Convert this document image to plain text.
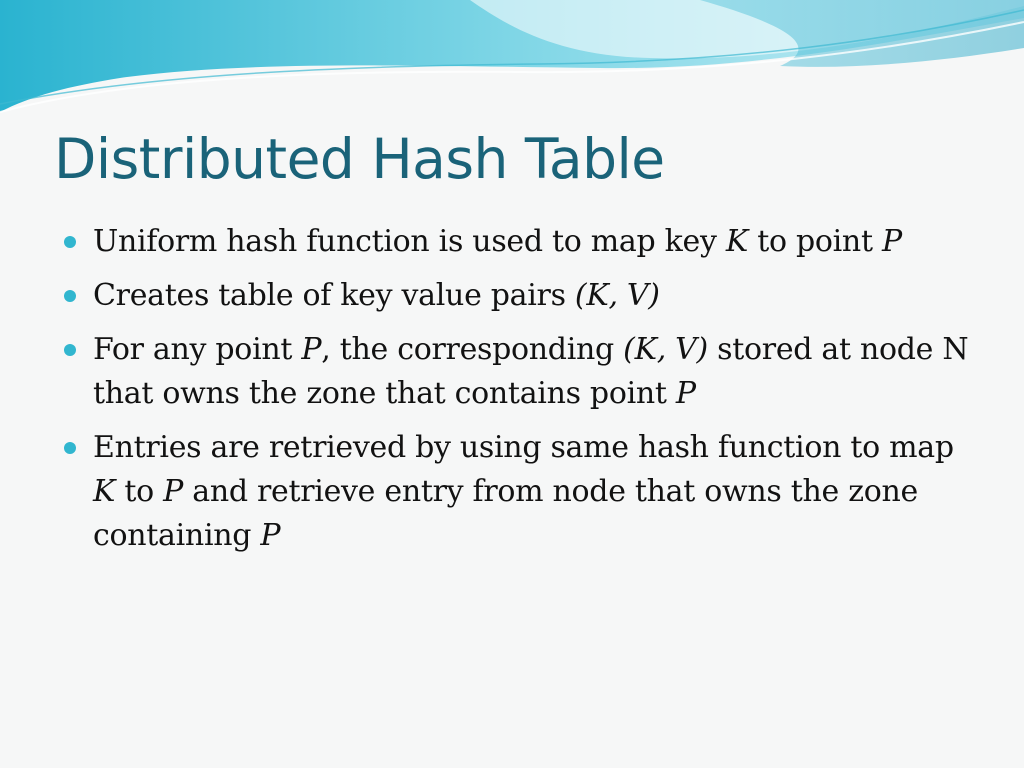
Distributed Hash Table
Uniform hash function is used to map key K to point P
Creates table of key value pairs (K, V)
For any point P, the corresponding (K, V) stored at node N that owns the zone that contains point P
Entries are retrieved by using same hash function to map K to P and retrieve entry from node that owns the zone containing P
